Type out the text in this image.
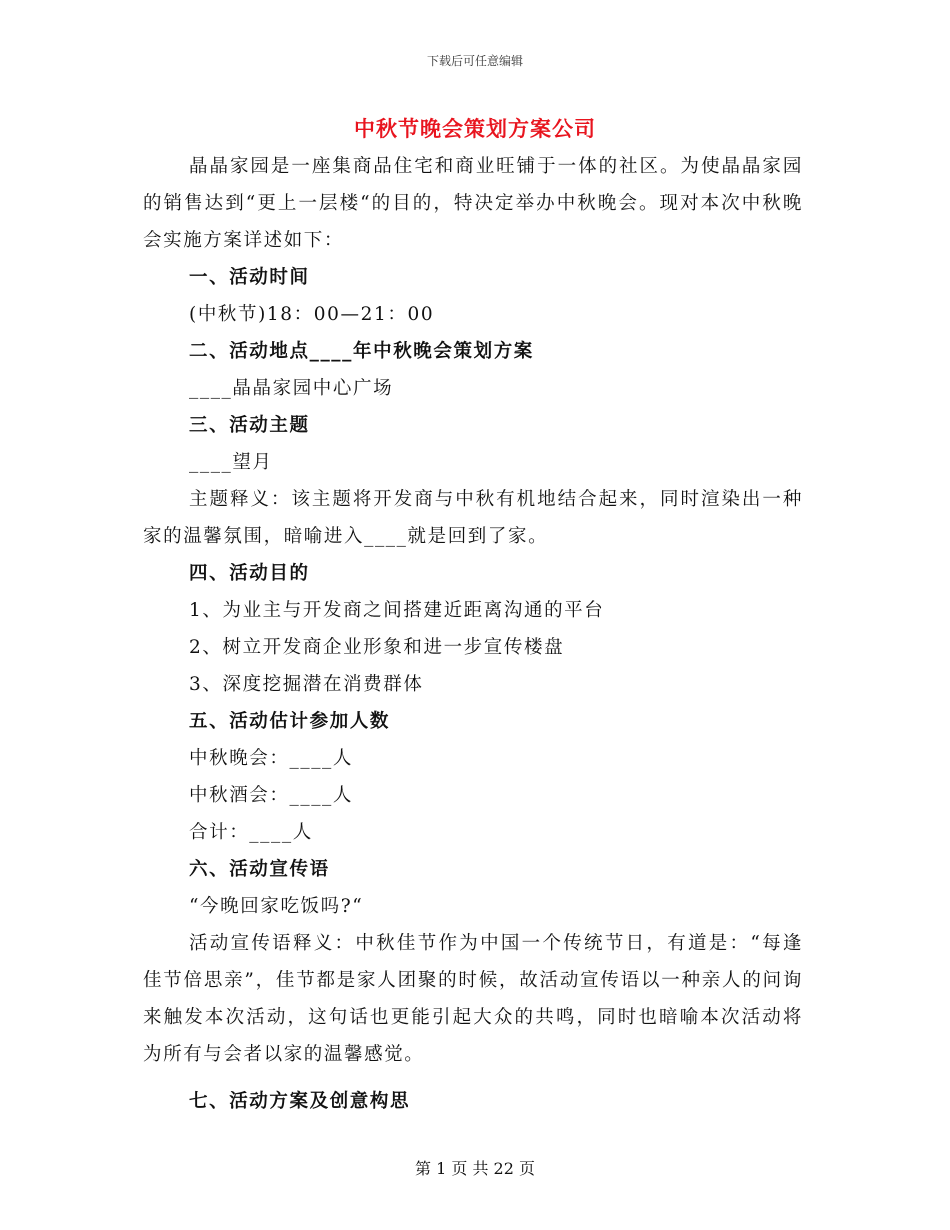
下载后可任意编辑
中秋节晚会策划方案公司
晶晶家园是一座集商品住宅和商业旺铺于一体的社区。为使晶晶家园的销售达到“更上一层楼“的目的，特决定举办中秋晚会。现对本次中秋晚会实施方案详述如下：
一、活动时间
(中秋节)18：00—21：00
二、活动地点____年中秋晚会策划方案
____晶晶家园中心广场
三、活动主题
____望月
主题释义：该主题将开发商与中秋有机地结合起来，同时渲染出一种家的温馨氛围，暗喻进入____就是回到了家。
四、活动目的
1、为业主与开发商之间搭建近距离沟通的平台
2、树立开发商企业形象和进一步宣传楼盘
3、深度挖掘潜在消费群体
五、活动估计参加人数
中秋晚会：____人
中秋酒会：____人
合计：____人
六、活动宣传语
“今晚回家吃饭吗?“
活动宣传语释义：中秋佳节作为中国一个传统节日，有道是：“每逢佳节倍思亲”，佳节都是家人团聚的时候，故活动宣传语以一种亲人的问询来触发本次活动，这句话也更能引起大众的共鸣，同时也暗喻本次活动将为所有与会者以家的温馨感觉。
七、活动方案及创意构思
第 1 页 共 22 页
